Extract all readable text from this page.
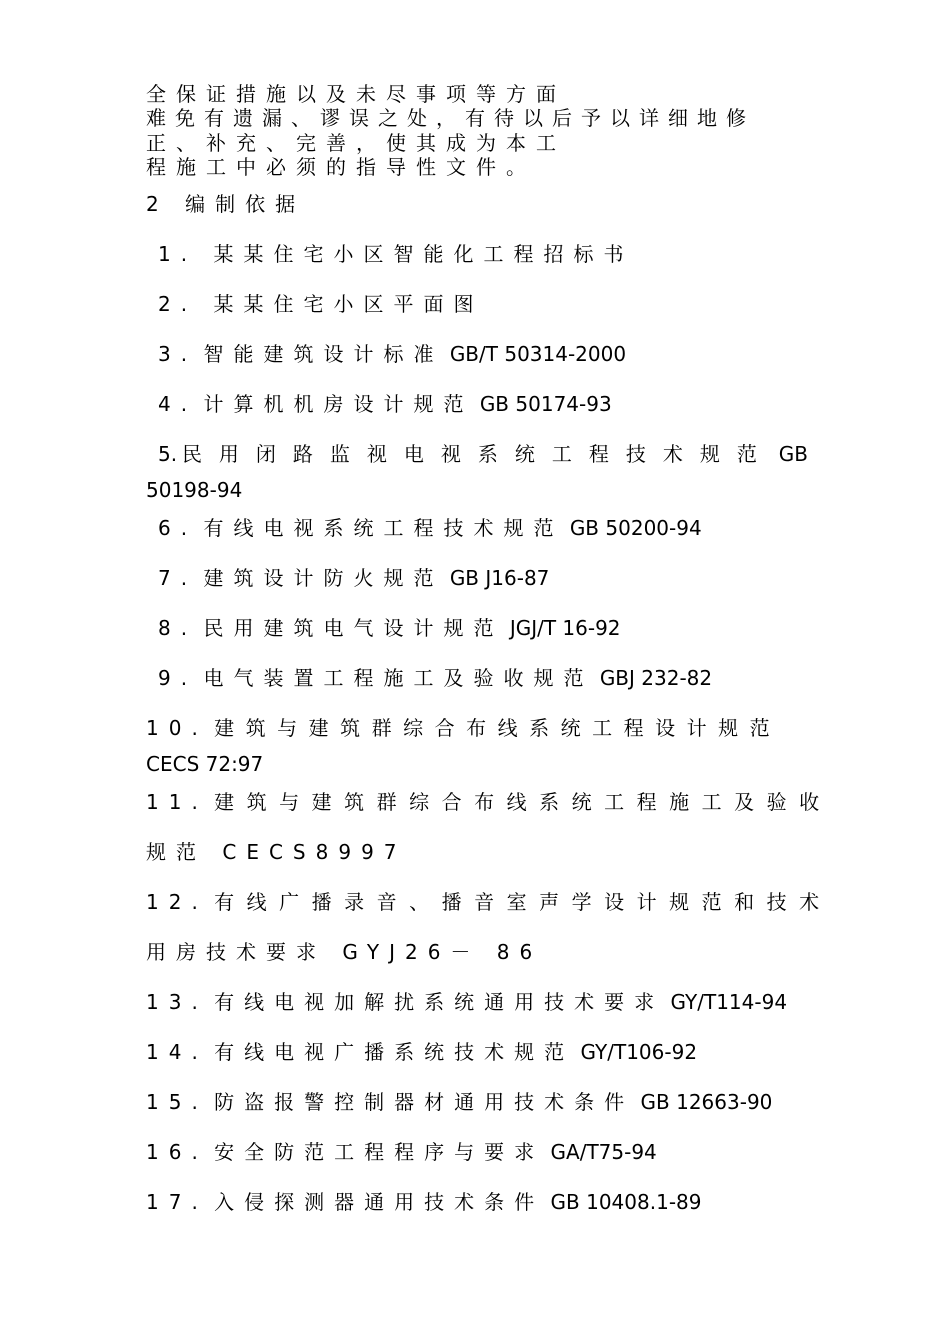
全保证措施以及未尽事项等方面
难免有遗漏、谬误之处，有待以后予以详细地修
正、补充、完善，使其成为本工
程施工中必须的指导性文件。
2 编制依据
1. 某某住宅小区智能化工程招标书
2. 某某住宅小区平面图
3. 智能建筑设计标准 GB/T 50314-2000
4. 计算机机房设计规范 GB 50174-93
5. 民用闭路监视电视系统工程技术规范 GB
50198-94
6. 有线电视系统工程技术规范 GB 50200-94
7. 建筑设计防火规范 GB J16-87
8. 民用建筑电气设计规范 JGJ/T 16-92
9. 电气装置工程施工及验收规范 GBJ 232-82
10. 建筑与建筑群综合布线系统工程设计规范
CECS 72:97
11. 建筑与建筑群综合布线系统工程施工及验收
规范 CECS8997
12. 有线广播录音、播音室声学设计规范和技术
用房技术要求 GYJ26－ 86
13. 有线电视加解扰系统通用技术要求 GY/T114-94
14. 有线电视广播系统技术规范 GY/T106-92
15. 防盗报警控制器材通用技术条件 GB 12663-90
16. 安全防范工程程序与要求 GA/T75-94
17. 入侵探测器通用技术条件 GB 10408.1-89
